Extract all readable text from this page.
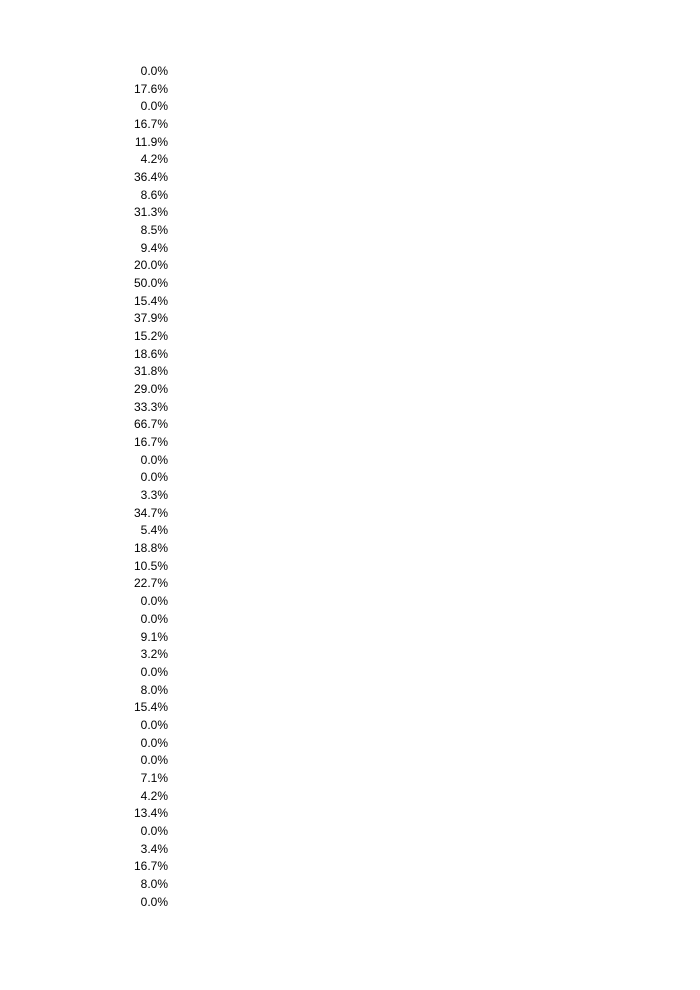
0.0%
17.6%
0.0%
16.7%
11.9%
4.2%
36.4%
8.6%
31.3%
8.5%
9.4%
20.0%
50.0%
15.4%
37.9%
15.2%
18.6%
31.8%
29.0%
33.3%
66.7%
16.7%
0.0%
0.0%
3.3%
34.7%
5.4%
18.8%
10.5%
22.7%
0.0%
0.0%
9.1%
3.2%
0.0%
8.0%
15.4%
0.0%
0.0%
0.0%
7.1%
4.2%
13.4%
0.0%
3.4%
16.7%
8.0%
0.0%
